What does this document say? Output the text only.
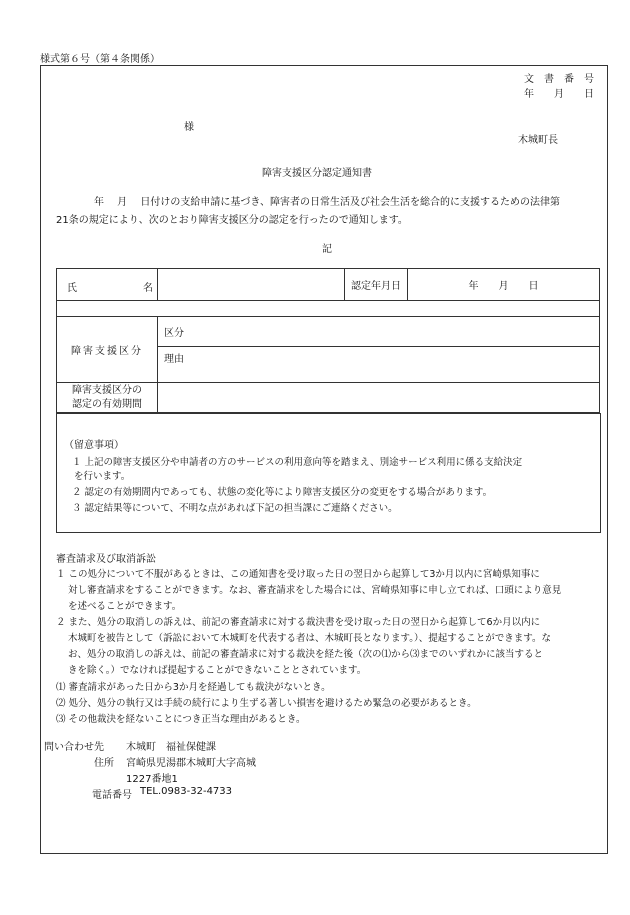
様式第６号（第４条関係）
文　書　番　号
年　　月　　日
様
木城町長
障害支援区分認定通知書
年　 月　 日付けの支給申請に基づき、障害者の日常生活及び社会生活を総合的に支援するための法律第
21条の規定により、次のとおり障害支援区分の認定を行ったので通知します。
記
氏 名		認定年月日	年　　月　　日

障害支援区分	区分		
	理由		

障害支援区分の
認定の有効期間			

（留意事項）
１ 上記の障害支援区分や申請者の方のサービスの利用意向等を踏まえ、別途サービス利用に係る支給決定
を行います。
２ 認定の有効期間内であっても、状態の変化等により障害支援区分の変更をする場合があります。
３ 認定結果等について、不明な点があれば下記の担当課にご連絡ください。
審査請求及び取消訴訟
１ この処分について不服があるときは、この通知書を受け取った日の翌日から起算して3か月以内に宮崎県知事に
対し審査請求をすることができます。なお、審査請求をした場合には、宮崎県知事に申し立てれば、口頭により意見
を述べることができます。
２ また、処分の取消しの訴えは、前記の審査請求に対する裁決書を受け取った日の翌日から起算して6か月以内に
木城町を被告として（訴訟において木城町を代表する者は、木城町長となります。）、提起することができます。な
お、処分の取消しの訴えは、前記の審査請求に対する裁決を経た後（次の⑴から⑶までのいずれかに該当すると
きを除く。）でなければ提起することができないこととされています。
⑴ 審査請求があった日から3か月を経過しても裁決がないとき。
⑵ 処分、処分の執行又は手続の続行により生ずる著しい損害を避けるため緊急の必要があるとき。
⑶ その他裁決を経ないことにつき正当な理由があるとき。
問い合わせ先 木城町　福祉保健課
住所 宮崎県児湯郡木城町大字高城
1227番地1
電話番号 TEL.0983-32-4733
